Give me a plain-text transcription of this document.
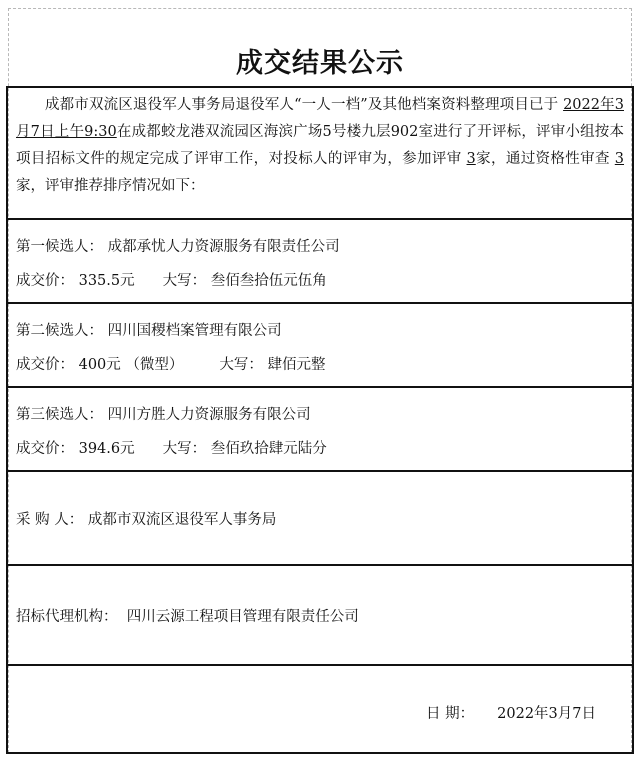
成交结果公示

成都市双流区退役军人事务局退役军人“一人一档”及其他档案资料整理项目已于 2022年3月7日上午9:30在成都蛟龙港双流园区海滨广场5号楼九层902室进行了开评标，评审小组按本项目招标文件的规定完成了评审工作，对投标人的评审为，参加评审 3家，通过资格性审查 3家，评审推荐排序情况如下：

第一候选人： 成都承忧人力资源服务有限责任公司
成交价： 335.5元 大写： 叁佰叁拾伍元伍角
第二候选人： 四川国稷档案管理有限公司
成交价： 400元 （微型） 大写： 肆佰元整
第三候选人： 四川方胜人力资源服务有限公司
成交价： 394.6元 大写： 叁佰玖拾肆元陆分
采 购 人：
成都市双流区退役军人事务局
招标代理机构：
四川云源工程项目管理有限责任公司
日 期： 2022年3月7日
